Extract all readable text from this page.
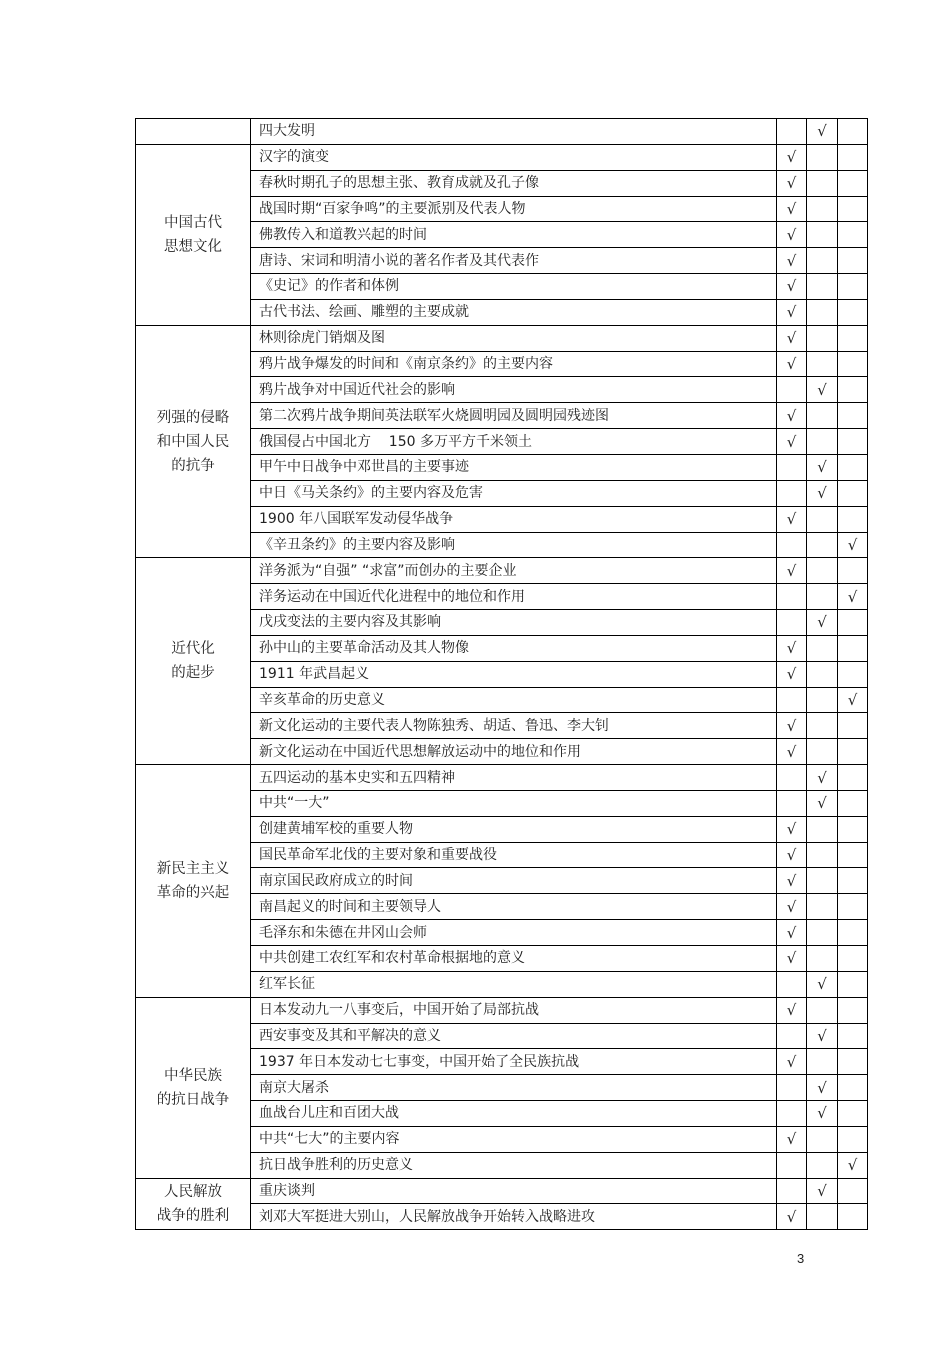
	四大发明		√	
中国古代
思想文化	汉字的演变	√		
	春秋时期孔子的思想主张、教育成就及孔子像	√		
	战国时期“百家争鸣”的主要派别及代表人物	√		
	佛教传入和道教兴起的时间	√		
	唐诗、宋词和明清小说的著名作者及其代表作	√		
	《史记》的作者和体例	√		
	古代书法、绘画、雕塑的主要成就	√		
列强的侵略
和中国人民
的抗争	林则徐虎门销烟及图	√		
	鸦片战争爆发的时间和《南京条约》的主要内容	√		
	鸦片战争对中国近代社会的影响		√	
	第二次鸦片战争期间英法联军火烧圆明园及圆明园残迹图	√		
	俄国侵占中国北方    150 多万平方千米领土	√		
	甲午中日战争中邓世昌的主要事迹		√	
	中日《马关条约》的主要内容及危害		√	
	1900 年八国联军发动侵华战争	√		
	《辛丑条约》的主要内容及影响			√
近代化
的起步	洋务派为“自强” “求富”而创办的主要企业	√		
	洋务运动在中国近代化进程中的地位和作用			√
	戊戌变法的主要内容及其影响		√	
	孙中山的主要革命活动及其人物像	√		
	1911 年武昌起义	√		
	辛亥革命的历史意义			√
	新文化运动的主要代表人物陈独秀、胡适、鲁迅、李大钊	√		
	新文化运动在中国近代思想解放运动中的地位和作用	√		
新民主主义
革命的兴起	五四运动的基本史实和五四精神		√	
	中共“一大”		√	
	创建黄埔军校的重要人物	√		
	国民革命军北伐的主要对象和重要战役	√		
	南京国民政府成立的时间	√		
	南昌起义的时间和主要领导人	√		
	毛泽东和朱德在井冈山会师	√		
	中共创建工农红军和农村革命根据地的意义	√		
	红军长征		√	
中华民族
的抗日战争	日本发动九一八事变后，中国开始了局部抗战	√		
	西安事变及其和平解决的意义		√	
	1937 年日本发动七七事变，中国开始了全民族抗战	√		
	南京大屠杀		√	
	血战台儿庄和百团大战		√	
	中共“七大”的主要内容	√		
	抗日战争胜利的历史意义			√
人民解放
战争的胜利	重庆谈判		√	
	刘邓大军挺进大别山，人民解放战争开始转入战略进攻	√		
3
